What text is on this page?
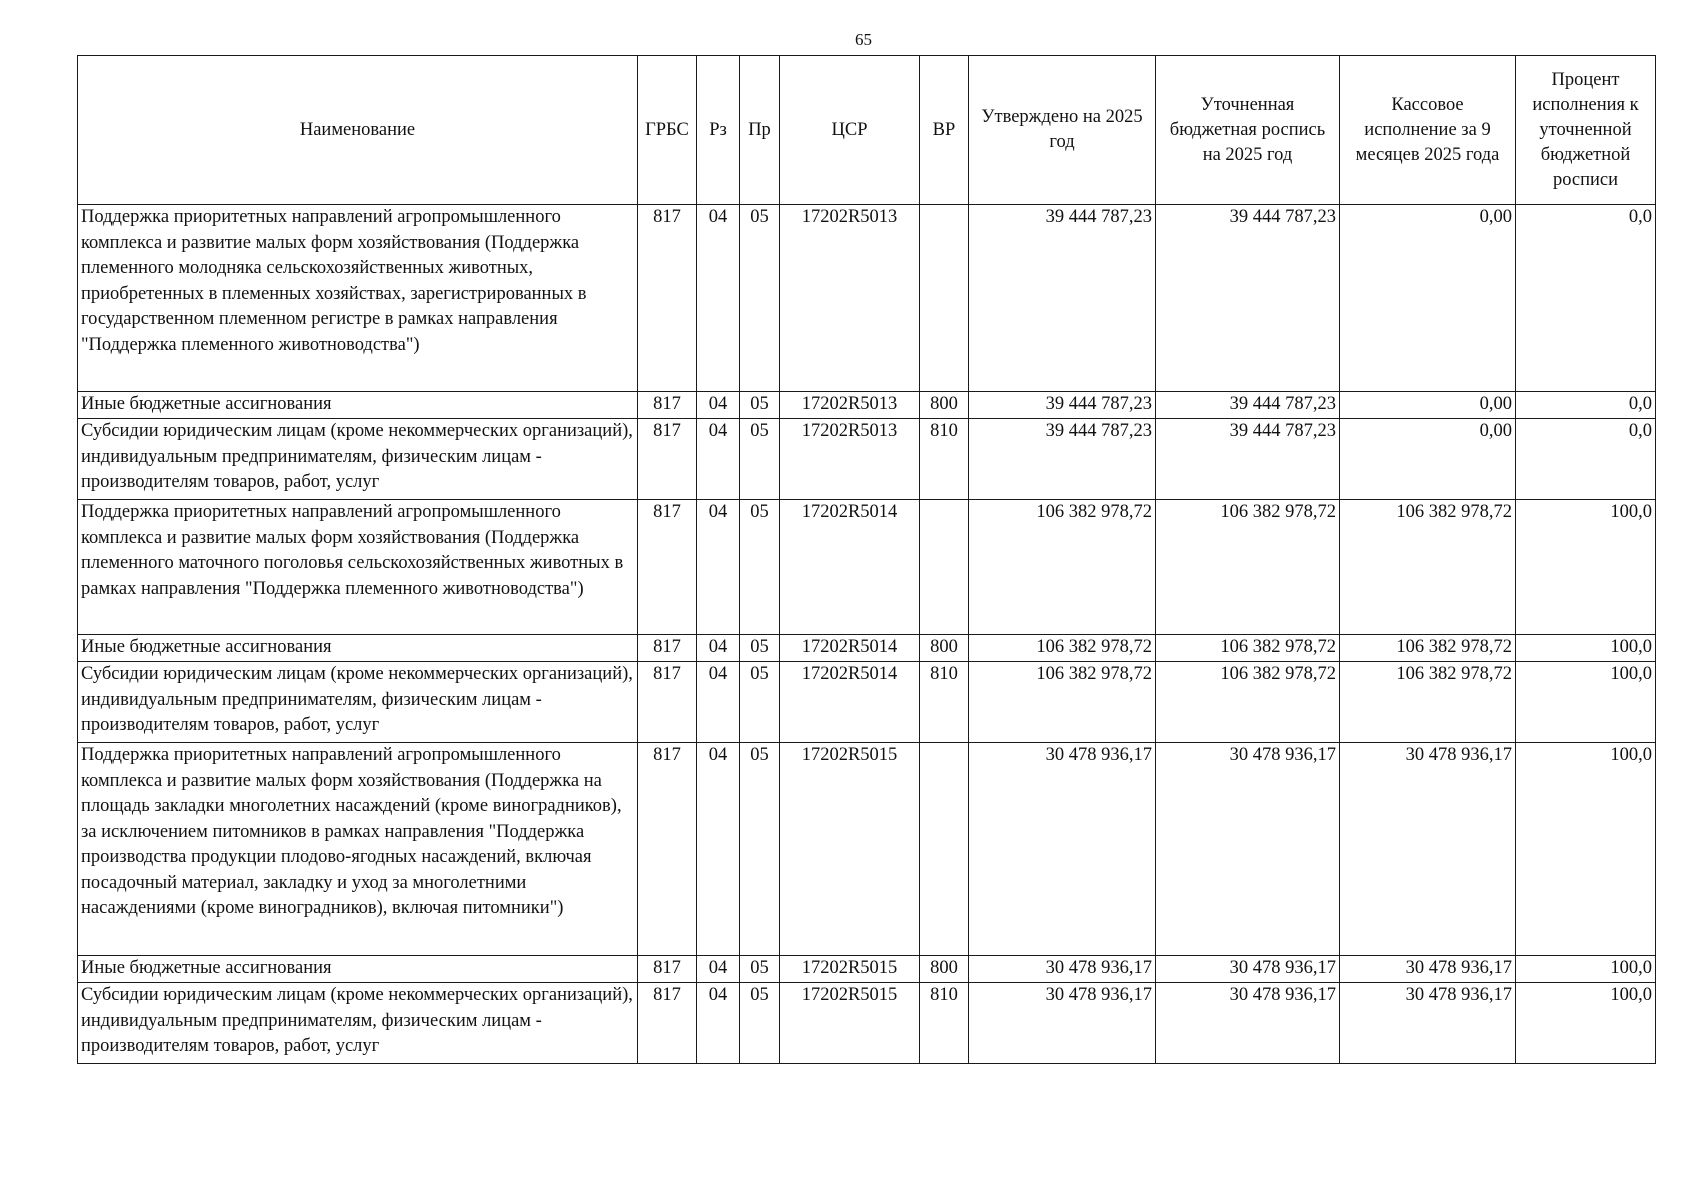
65
Наименование	ГРБС	Рз	Пр	ЦСР	ВР	Утверждено на 2025 год	Уточненная бюджетная роспись на 2025 год	Кассовое исполнение за 9 месяцев 2025 года	Процент исполнения к уточненной бюджетной росписи
Поддержка приоритетных направлений агропромышленного комплекса и развитие малых форм хозяйствования (Поддержка племенного молодняка сельскохозяйственных животных, приобретенных в племенных хозяйствах, зарегистрированных в государственном племенном регистре в рамках направления "Поддержка племенного животноводства")	817	04	05	17202R5013		39 444 787,23	39 444 787,23	0,00	0,0
Иные бюджетные ассигнования	817	04	05	17202R5013	800	39 444 787,23	39 444 787,23	0,00	0,0
Субсидии юридическим лицам (кроме некоммерческих организаций), индивидуальным предпринимателям, физическим лицам - производителям товаров, работ, услуг	817	04	05	17202R5013	810	39 444 787,23	39 444 787,23	0,00	0,0
Поддержка приоритетных направлений агропромышленного комплекса и развитие малых форм хозяйствования (Поддержка племенного маточного поголовья сельскохозяйственных животных в рамках направления "Поддержка племенного животноводства")	817	04	05	17202R5014		106 382 978,72	106 382 978,72	106 382 978,72	100,0
Иные бюджетные ассигнования	817	04	05	17202R5014	800	106 382 978,72	106 382 978,72	106 382 978,72	100,0
Субсидии юридическим лицам (кроме некоммерческих организаций), индивидуальным предпринимателям, физическим лицам - производителям товаров, работ, услуг	817	04	05	17202R5014	810	106 382 978,72	106 382 978,72	106 382 978,72	100,0
Поддержка приоритетных направлений агропромышленного комплекса и развитие малых форм хозяйствования (Поддержка на площадь закладки многолетних насаждений (кроме виноградников), за исключением питомников в рамках направления "Поддержка производства продукции плодово-ягодных насаждений, включая посадочный материал, закладку и уход за многолетними насаждениями (кроме виноградников), включая питомники")	817	04	05	17202R5015		30 478 936,17	30 478 936,17	30 478 936,17	100,0
Иные бюджетные ассигнования	817	04	05	17202R5015	800	30 478 936,17	30 478 936,17	30 478 936,17	100,0
Субсидии юридическим лицам (кроме некоммерческих организаций), индивидуальным предпринимателям, физическим лицам - производителям товаров, работ, услуг	817	04	05	17202R5015	810	30 478 936,17	30 478 936,17	30 478 936,17	100,0
